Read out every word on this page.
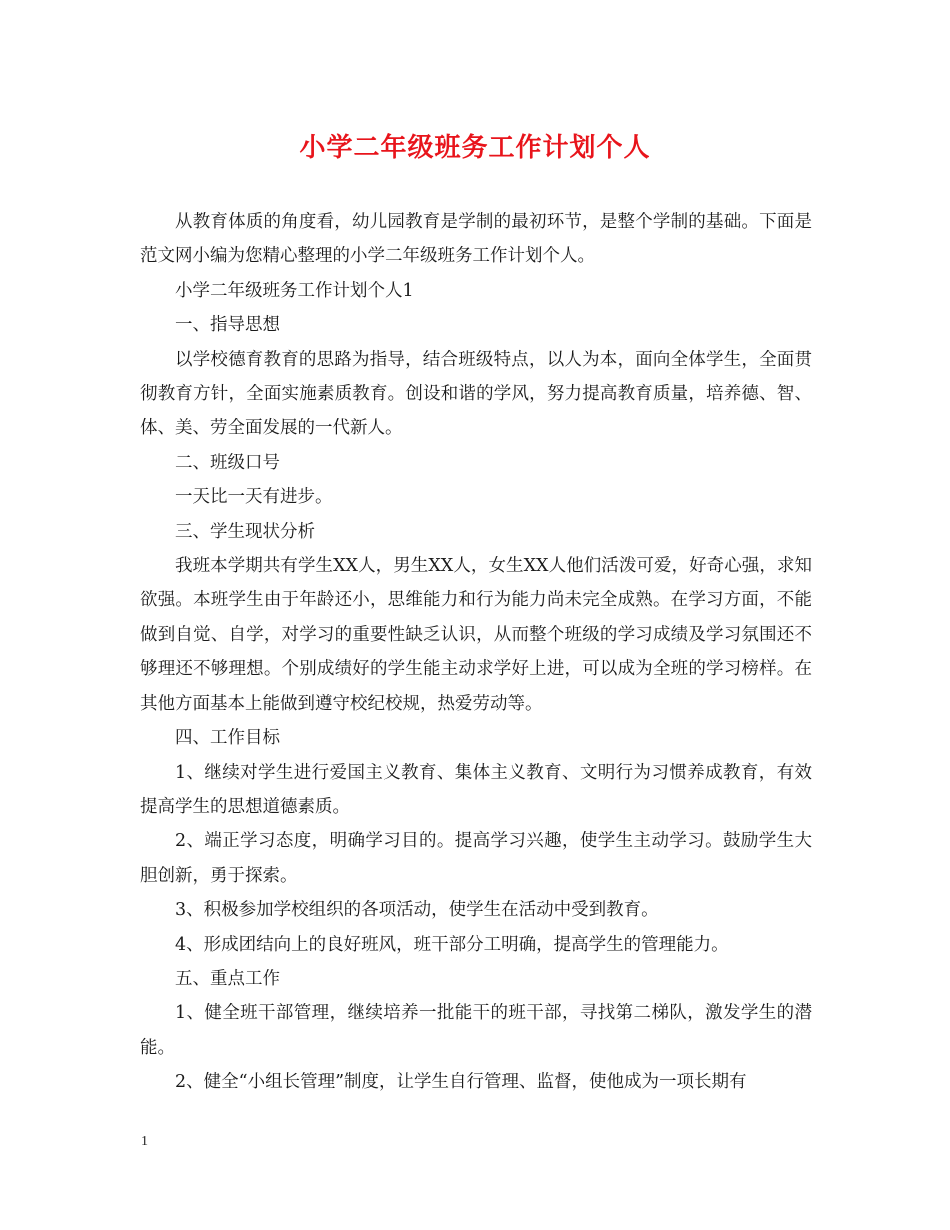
小学二年级班务工作计划个人

从教育体质的角度看，幼儿园教育是学制的最初环节，是整个学制的基础。下面是范文网小编为您精心整理的小学二年级班务工作计划个人。

小学二年级班务工作计划个人1

一、指导思想

以学校德育教育的思路为指导，结合班级特点，以人为本，面向全体学生，全面贯彻教育方针，全面实施素质教育。创设和谐的学风，努力提高教育质量，培养德、智、体、美、劳全面发展的一代新人。

二、班级口号

一天比一天有进步。

三、学生现状分析

我班本学期共有学生XX人，男生XX人，女生XX人他们活泼可爱，好奇心强，求知欲强。本班学生由于年龄还小，思维能力和行为能力尚未完全成熟。在学习方面，不能做到自觉、自学，对学习的重要性缺乏认识，从而整个班级的学习成绩及学习氛围还不够理还不够理想。个别成绩好的学生能主动求学好上进，可以成为全班的学习榜样。在其他方面基本上能做到遵守校纪校规，热爱劳动等。

四、工作目标

1、继续对学生进行爱国主义教育、集体主义教育、文明行为习惯养成教育，有效提高学生的思想道德素质。

2、端正学习态度，明确学习目的。提高学习兴趣，使学生主动学习。鼓励学生大胆创新，勇于探索。

3、积极参加学校组织的各项活动，使学生在活动中受到教育。

4、形成团结向上的良好班风，班干部分工明确，提高学生的管理能力。

五、重点工作

1、健全班干部管理，继续培养一批能干的班干部，寻找第二梯队，激发学生的潜能。

2、健全“小组长管理”制度，让学生自行管理、监督，使他成为一项长期有

1
